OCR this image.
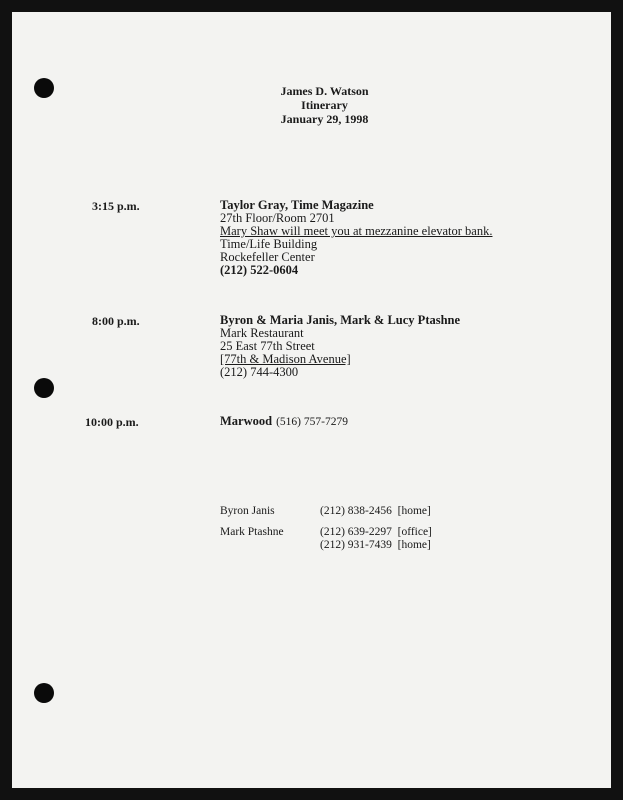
James D. Watson
Itinerary
January 29, 1998
3:15 p.m.	Taylor Gray, Time Magazine
27th Floor/Room 2701
Mary Shaw will meet you at mezzanine elevator bank.
Time/Life Building
Rockefeller Center
(212) 522-0604
8:00 p.m.	Byron & Maria Janis, Mark & Lucy Ptashne
Mark Restaurant
25 East 77th Street
[77th & Madison Avenue]
(212) 744-4300
10:00 p.m.	Marwood (516) 757-7279
Byron Janis	(212) 838-2456  [home]
Mark Ptashne	(212) 639-2297  [office]
(212) 931-7439  [home]
